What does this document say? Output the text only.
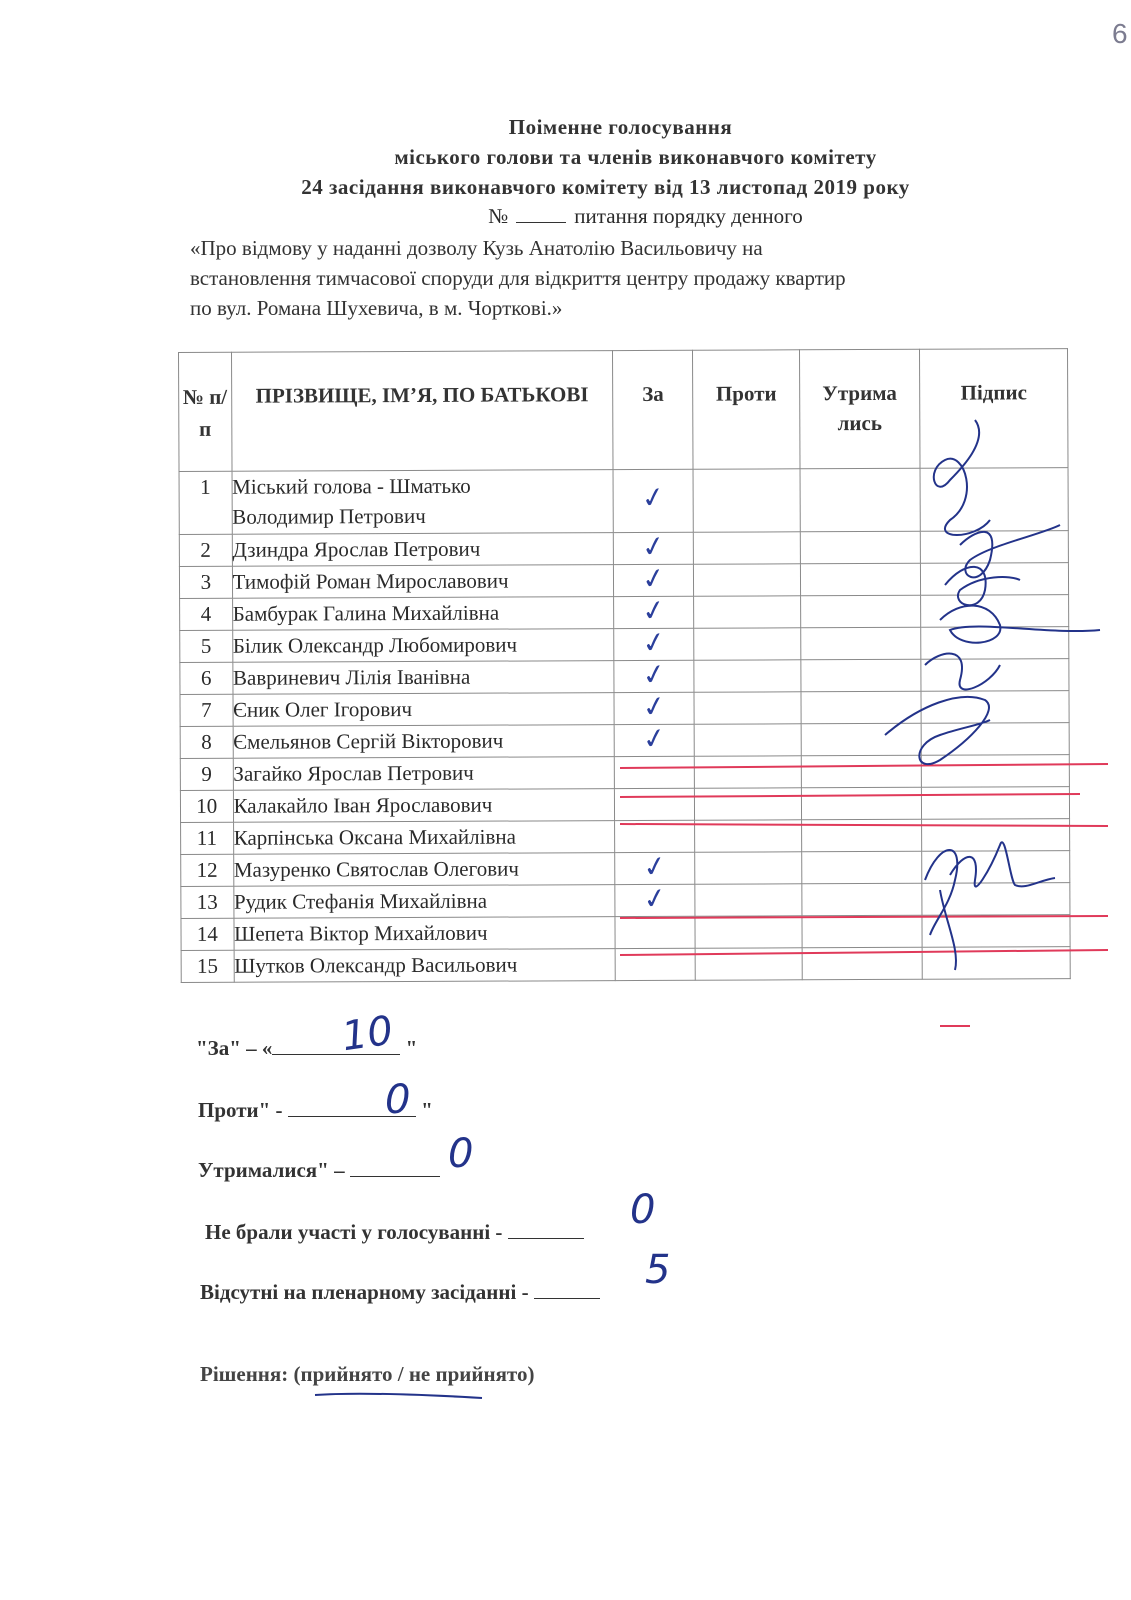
6
Поіменне голосування
міського голови та членів виконавчого комітету
24 засідання виконавчого комітету від 13 листопад 2019 року
№	питання порядку денного
«Про відмову у наданні дозволу Кузь Анатолію Васильовичу на
встановлення тимчасової споруди для відкриття центру продажу квартир
по вул. Романа Шухевича, в м. Чорткові.»
№ п/ п	ПРІЗВИЩЕ, ІМ’Я, ПО БАТЬКОВІ	За	Проти	Утрима лись	Підпис
1	Міський голова - Шматько
Володимир Петрович	✓			
2	Дзиндра Ярослав Петрович	✓			
3	Тимофій Роман Мирославович	✓			
4	Бамбурак Галина Михайлівна	✓			
5	Білик Олександр Любомирович	✓			
6	Вавриневич Лілія Іванівна	✓			
7	Єник Олег Ігорович	✓			
8	Ємельянов Сергій Вікторович	✓			
9	Загайко Ярослав Петрович				

10	Калакайло Іван Ярославович				

11	Карпінська Оксана Михайлівна				

12	Мазуренко Святослав Олегович	✓			
13	Рудик Стефанія Михайлівна	✓			
14	Шепета Віктор Михайлович				

15	Шутков Олександр Васильович				

"За" – «	"
10
Проти" -	"
0
Утрималися" –	0
Не брали участі у голосуванні -	0
Відсутні на пленарному засіданні -	5
Рішення: (прийнято / не прийнято)
